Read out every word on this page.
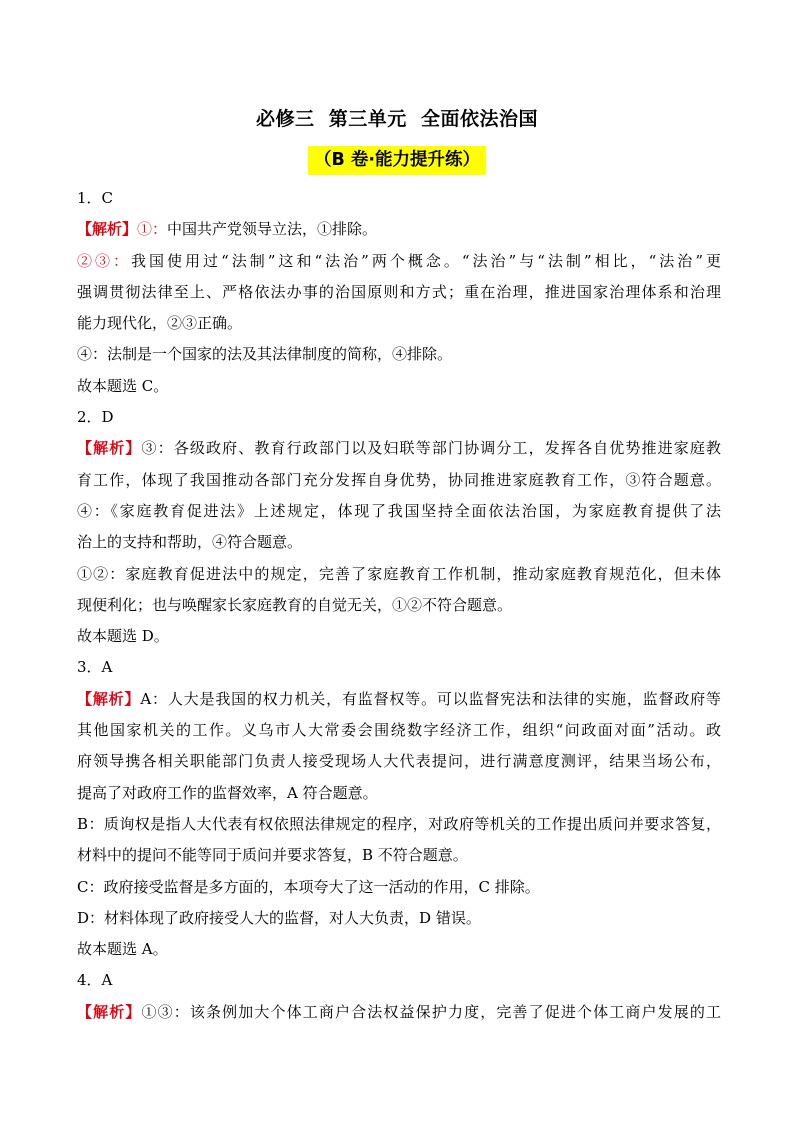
必修三  第三单元  全面依法治国
（B 卷·能力提升练）
1．C
【解析】①：中国共产党领导立法，①排除。
②③：我国使用过“法制”这和“法治”两个概念。“法治”与“法制”相比，“法治”更
强调贯彻法律至上、严格依法办事的治国原则和方式；重在治理，推进国家治理体系和治理
能力现代化，②③正确。
④：法制是一个国家的法及其法律制度的简称，④排除。
故本题选 C。
2．D
【解析】③：各级政府、教育行政部门以及妇联等部门协调分工，发挥各自优势推进家庭教
育工作，体现了我国推动各部门充分发挥自身优势，协同推进家庭教育工作，③符合题意。
④：《家庭教育促进法》上述规定，体现了我国坚持全面依法治国，为家庭教育提供了法
治上的支持和帮助，④符合题意。
①②：家庭教育促进法中的规定，完善了家庭教育工作机制，推动家庭教育规范化，但未体
现便利化；也与唤醒家长家庭教育的自觉无关，①②不符合题意。
故本题选 D。
3．A
【解析】A：人大是我国的权力机关，有监督权等。可以监督宪法和法律的实施，监督政府等
其他国家机关的工作。义乌市人大常委会围绕数字经济工作，组织“问政面对面”活动。政
府领导携各相关职能部门负责人接受现场人大代表提问，进行满意度测评，结果当场公布，
提高了对政府工作的监督效率，A 符合题意。
B：质询权是指人大代表有权依照法律规定的程序，对政府等机关的工作提出质问并要求答复，
材料中的提问不能等同于质问并要求答复，B 不符合题意。
C：政府接受监督是多方面的，本项夸大了这一活动的作用，C 排除。
D：材料体现了政府接受人大的监督，对人大负责，D 错误。
故本题选 A。
4．A
【解析】①③：该条例加大个体工商户合法权益保护力度，完善了促进个体工商户发展的工
